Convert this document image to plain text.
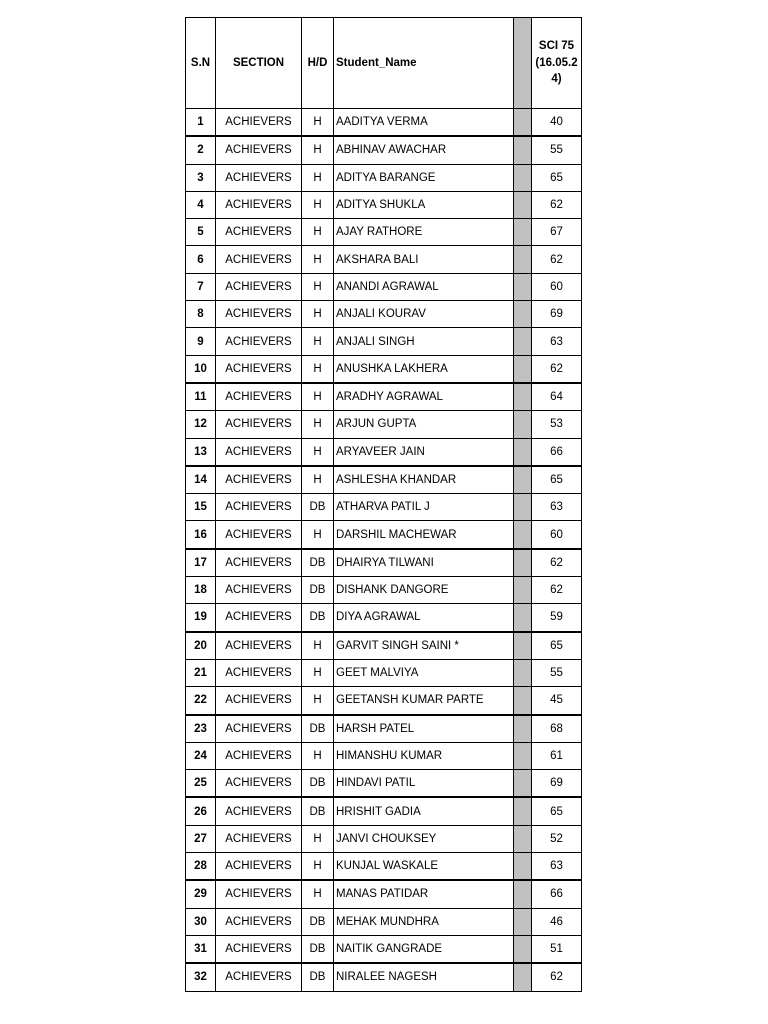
S.N	SECTION	H/D	Student_Name		SCI 75 (16.05.2 4)
1	ACHIEVERS	H	AADITYA VERMA		40
2	ACHIEVERS	H	ABHINAV AWACHAR		55
3	ACHIEVERS	H	ADITYA BARANGE		65
4	ACHIEVERS	H	ADITYA SHUKLA		62
5	ACHIEVERS	H	AJAY RATHORE		67
6	ACHIEVERS	H	AKSHARA BALI		62
7	ACHIEVERS	H	ANANDI AGRAWAL		60
8	ACHIEVERS	H	ANJALI KOURAV		69
9	ACHIEVERS	H	ANJALI SINGH		63
10	ACHIEVERS	H	ANUSHKA LAKHERA		62
11	ACHIEVERS	H	ARADHY AGRAWAL		64
12	ACHIEVERS	H	ARJUN GUPTA		53
13	ACHIEVERS	H	ARYAVEER JAIN		66
14	ACHIEVERS	H	ASHLESHA KHANDAR		65
15	ACHIEVERS	DB	ATHARVA PATIL J		63
16	ACHIEVERS	H	DARSHIL MACHEWAR		60
17	ACHIEVERS	DB	DHAIRYA TILWANI		62
18	ACHIEVERS	DB	DISHANK DANGORE		62
19	ACHIEVERS	DB	DIYA AGRAWAL		59
20	ACHIEVERS	H	GARVIT SINGH SAINI *		65
21	ACHIEVERS	H	GEET MALVIYA		55
22	ACHIEVERS	H	GEETANSH KUMAR PARTE		45
23	ACHIEVERS	DB	HARSH PATEL		68
24	ACHIEVERS	H	HIMANSHU KUMAR		61
25	ACHIEVERS	DB	HINDAVI PATIL		69
26	ACHIEVERS	DB	HRISHIT GADIA		65
27	ACHIEVERS	H	JANVI CHOUKSEY		52
28	ACHIEVERS	H	KUNJAL WASKALE		63
29	ACHIEVERS	H	MANAS PATIDAR		66
30	ACHIEVERS	DB	MEHAK MUNDHRA		46
31	ACHIEVERS	DB	NAITIK GANGRADE		51
32	ACHIEVERS	DB	NIRALEE NAGESH		62
